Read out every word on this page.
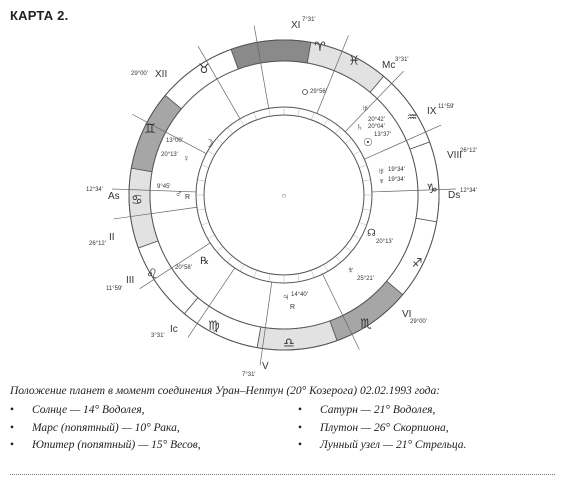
КАРТА 2.
○
♈
♓
♒
♑
♐
♏
♎
♍
♌
♋
♊
♉
XI 7°31'
Mc 3°31'
IX 11°59'
VIII
26°12'
Ds 12°34'
VI
29°00'
V
7°31'
Ic
3°31'
III
11°59'
II
26°12'
As
12°34'
XII
29°00'
29°56'
♄
20°42'
♅
20°04'
☉
13°37'
♅ 19°34'
♆ 19°34'
☊
20°13'
♆
25°21'
♃ 14°40'
R
℞
20°58'
♂
9°45'
R
☽
13°00'
♀
20°13'
Положение планет в момент соединения Уран–Нептун (20° Козерога) 02.02.1993 года:
• Солнце — 14° Водолея,
• Марс (попятный) — 10° Рака,
• Юпитер (попятный) — 15° Весов,
• Сатурн — 21° Водолея,
• Плутон — 26° Скорпиона,
• Лунный узел — 21° Стрельца.
